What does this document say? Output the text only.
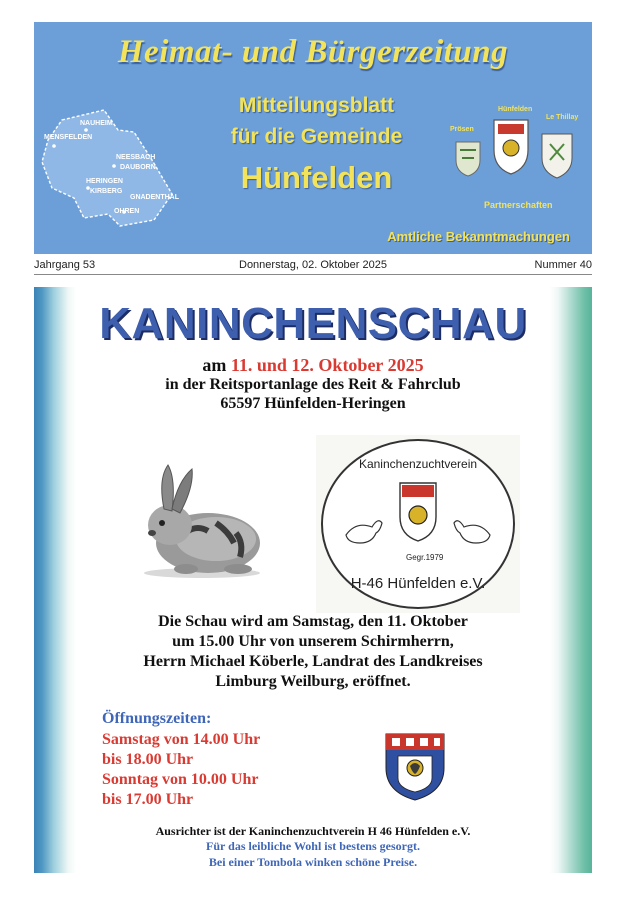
Heimat- und Bürgerzeitung
NAUHEIM
MENSFELDEN
NEESBACH
DAUBORN
HERINGEN
KIRBERG
GNADENTHAL
OHREN
Mitteilungsblatt
für die Gemeinde
Hünfelden
Hünfelden
Prösen
Le Thillay
Partnerschaften
Amtliche Bekanntmachungen
Jahrgang 53	Donnerstag, 02. Oktober 2025	Nummer 40
KANINCHENSCHAU
am 11. und 12. Oktober 2025
in der Reitsportanlage des Reit & Fahrclub
65597 Hünfelden-Heringen
Kaninchenzuchtverein
Gegr.1979
H-46 Hünfelden e.V.
Die Schau wird am Samstag, den 11. Oktober
um 15.00 Uhr von unserem Schirmherrn,
Herrn Michael Köberle, Landrat des Landkreises
Limburg Weilburg, eröffnet.
Öffnungszeiten:
Samstag von 14.00 Uhr
bis 18.00 Uhr
Sonntag von 10.00 Uhr
bis 17.00 Uhr
Ausrichter ist der Kaninchenzuchtverein H 46 Hünfelden e.V.
Für das leibliche Wohl ist bestens gesorgt.
Bei einer Tombola winken schöne Preise.
